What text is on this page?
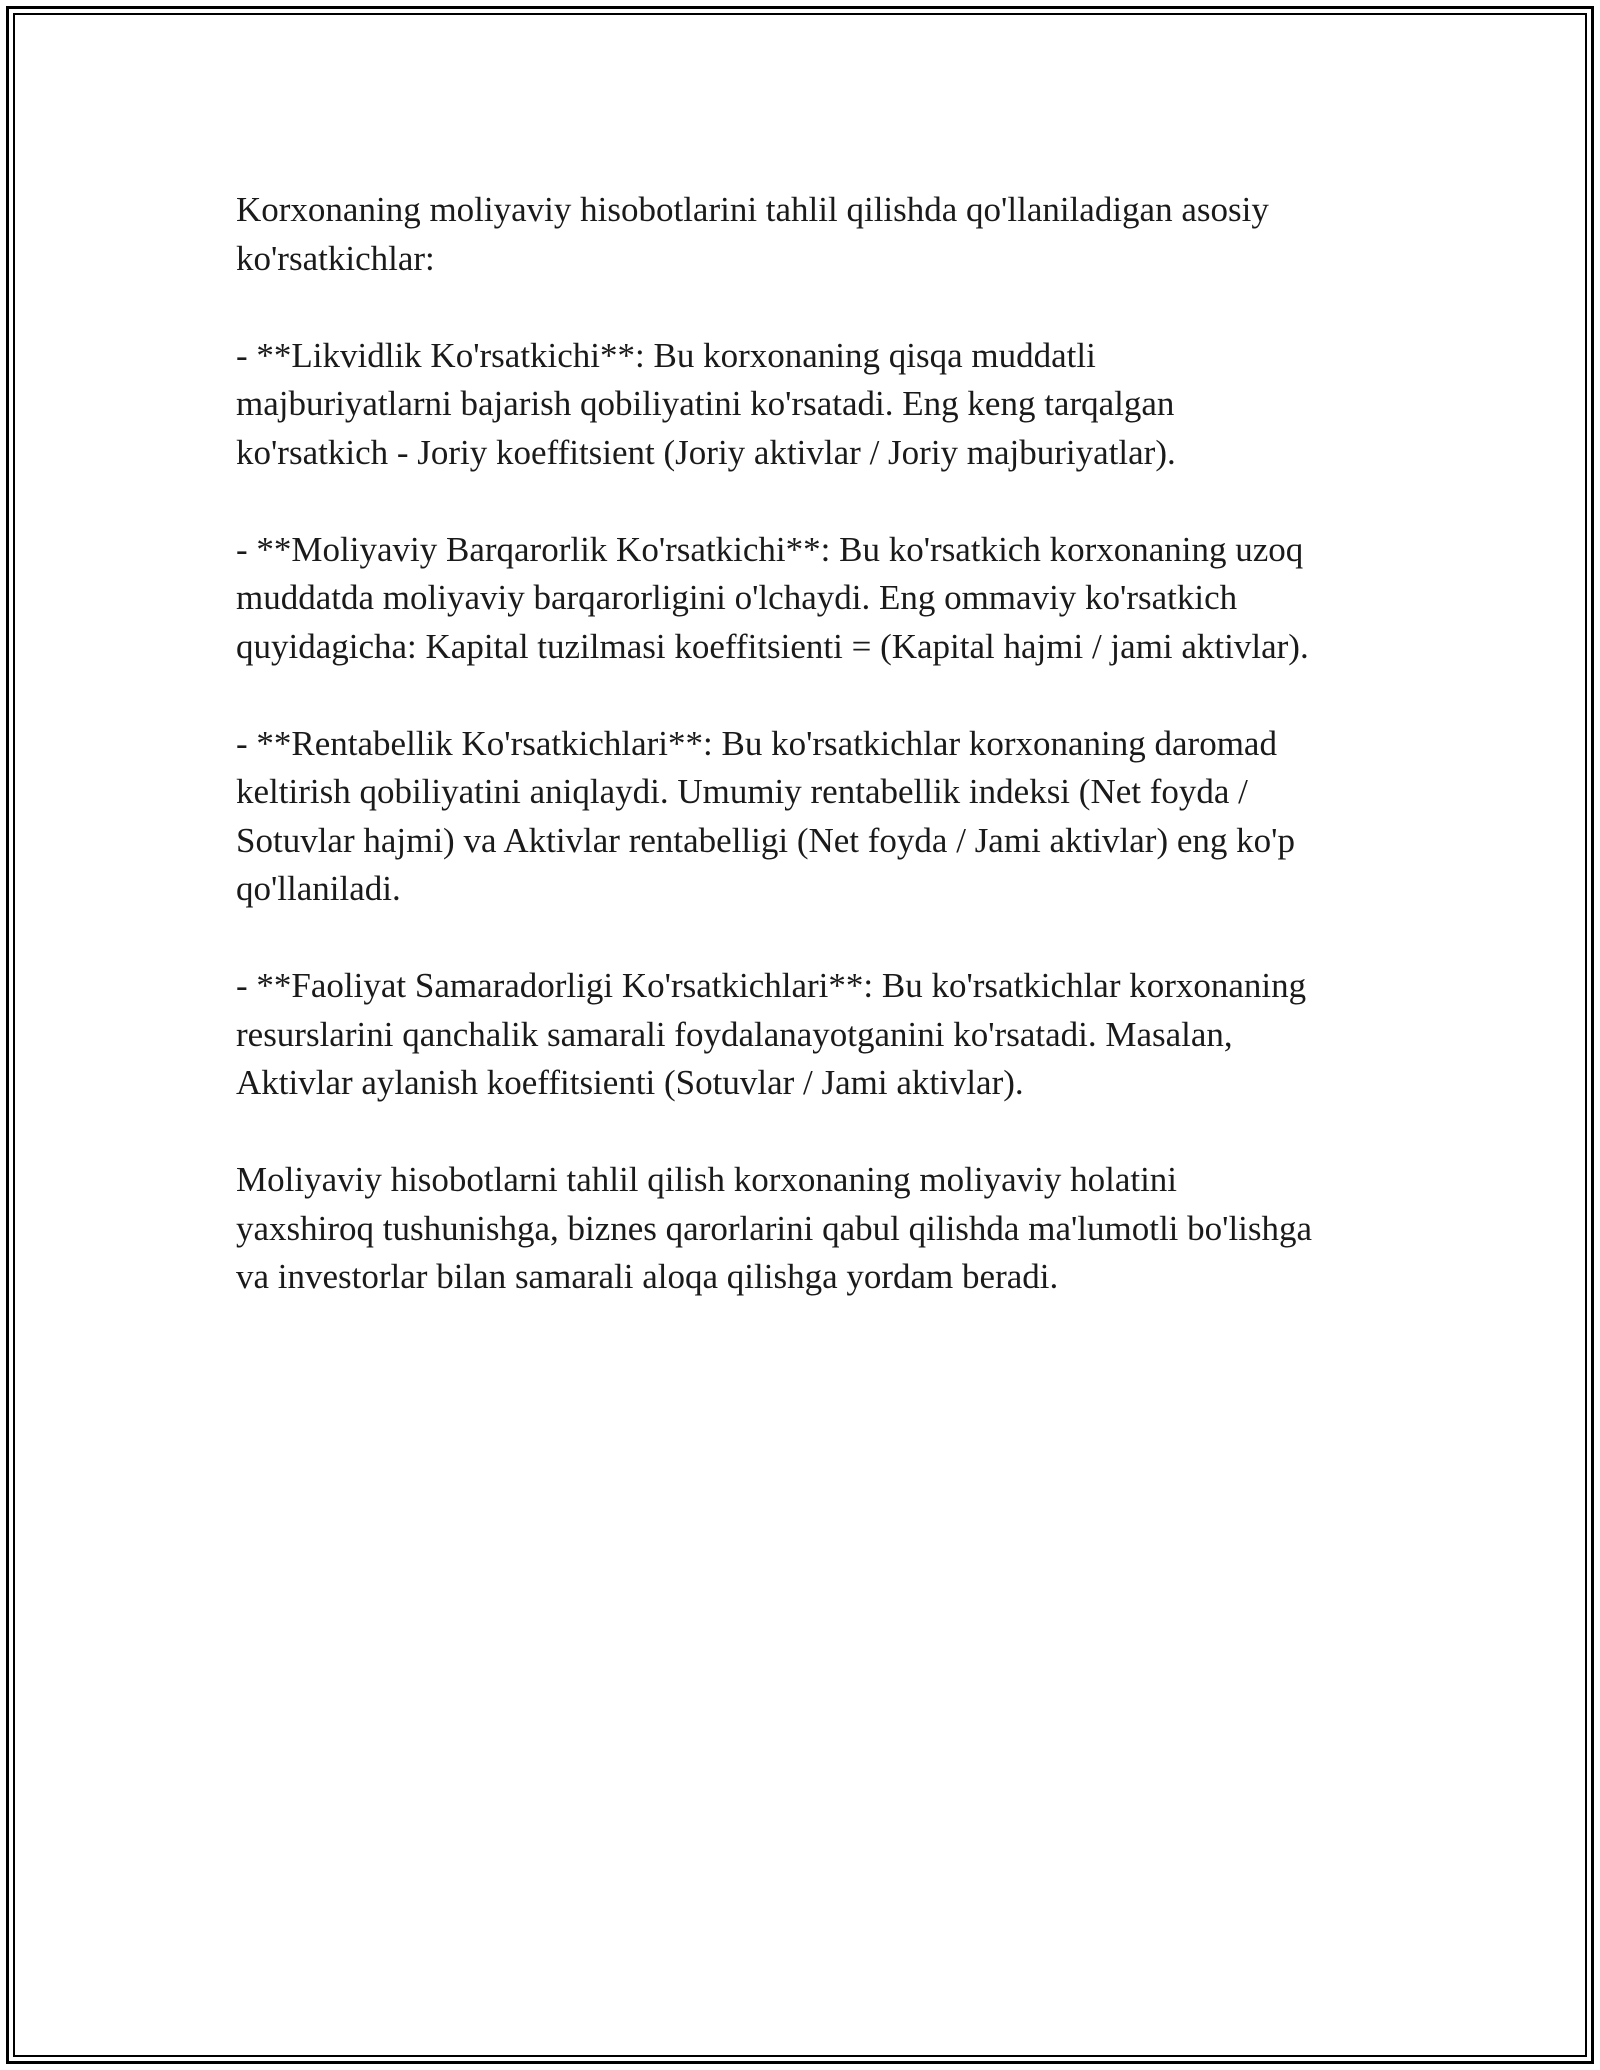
Korxonaning moliyaviy hisobotlarini tahlil qilishda qo'llaniladigan asosiy
ko'rsatkichlar:

- **Likvidlik Ko'rsatkichi**: Bu korxonaning qisqa muddatli
majburiyatlarni bajarish qobiliyatini ko'rsatadi. Eng keng tarqalgan
ko'rsatkich - Joriy koeffitsient (Joriy aktivlar / Joriy majburiyatlar).

- **Moliyaviy Barqarorlik Ko'rsatkichi**: Bu ko'rsatkich korxonaning uzoq
muddatda moliyaviy barqarorligini o'lchaydi. Eng ommaviy ko'rsatkich
quyidagicha: Kapital tuzilmasi koeffitsienti = (Kapital hajmi / jami aktivlar).

- **Rentabellik Ko'rsatkichlari**: Bu ko'rsatkichlar korxonaning daromad
keltirish qobiliyatini aniqlaydi. Umumiy rentabellik indeksi (Net foyda /
Sotuvlar hajmi) va Aktivlar rentabelligi (Net foyda / Jami aktivlar) eng ko'p
qo'llaniladi.

- **Faoliyat Samaradorligi Ko'rsatkichlari**: Bu ko'rsatkichlar korxonaning
resurslarini qanchalik samarali foydalanayotganini ko'rsatadi. Masalan,
Aktivlar aylanish koeffitsienti (Sotuvlar / Jami aktivlar).

Moliyaviy hisobotlarni tahlil qilish korxonaning moliyaviy holatini
yaxshiroq tushunishga, biznes qarorlarini qabul qilishda ma'lumotli bo'lishga
va investorlar bilan samarali aloqa qilishga yordam beradi.
